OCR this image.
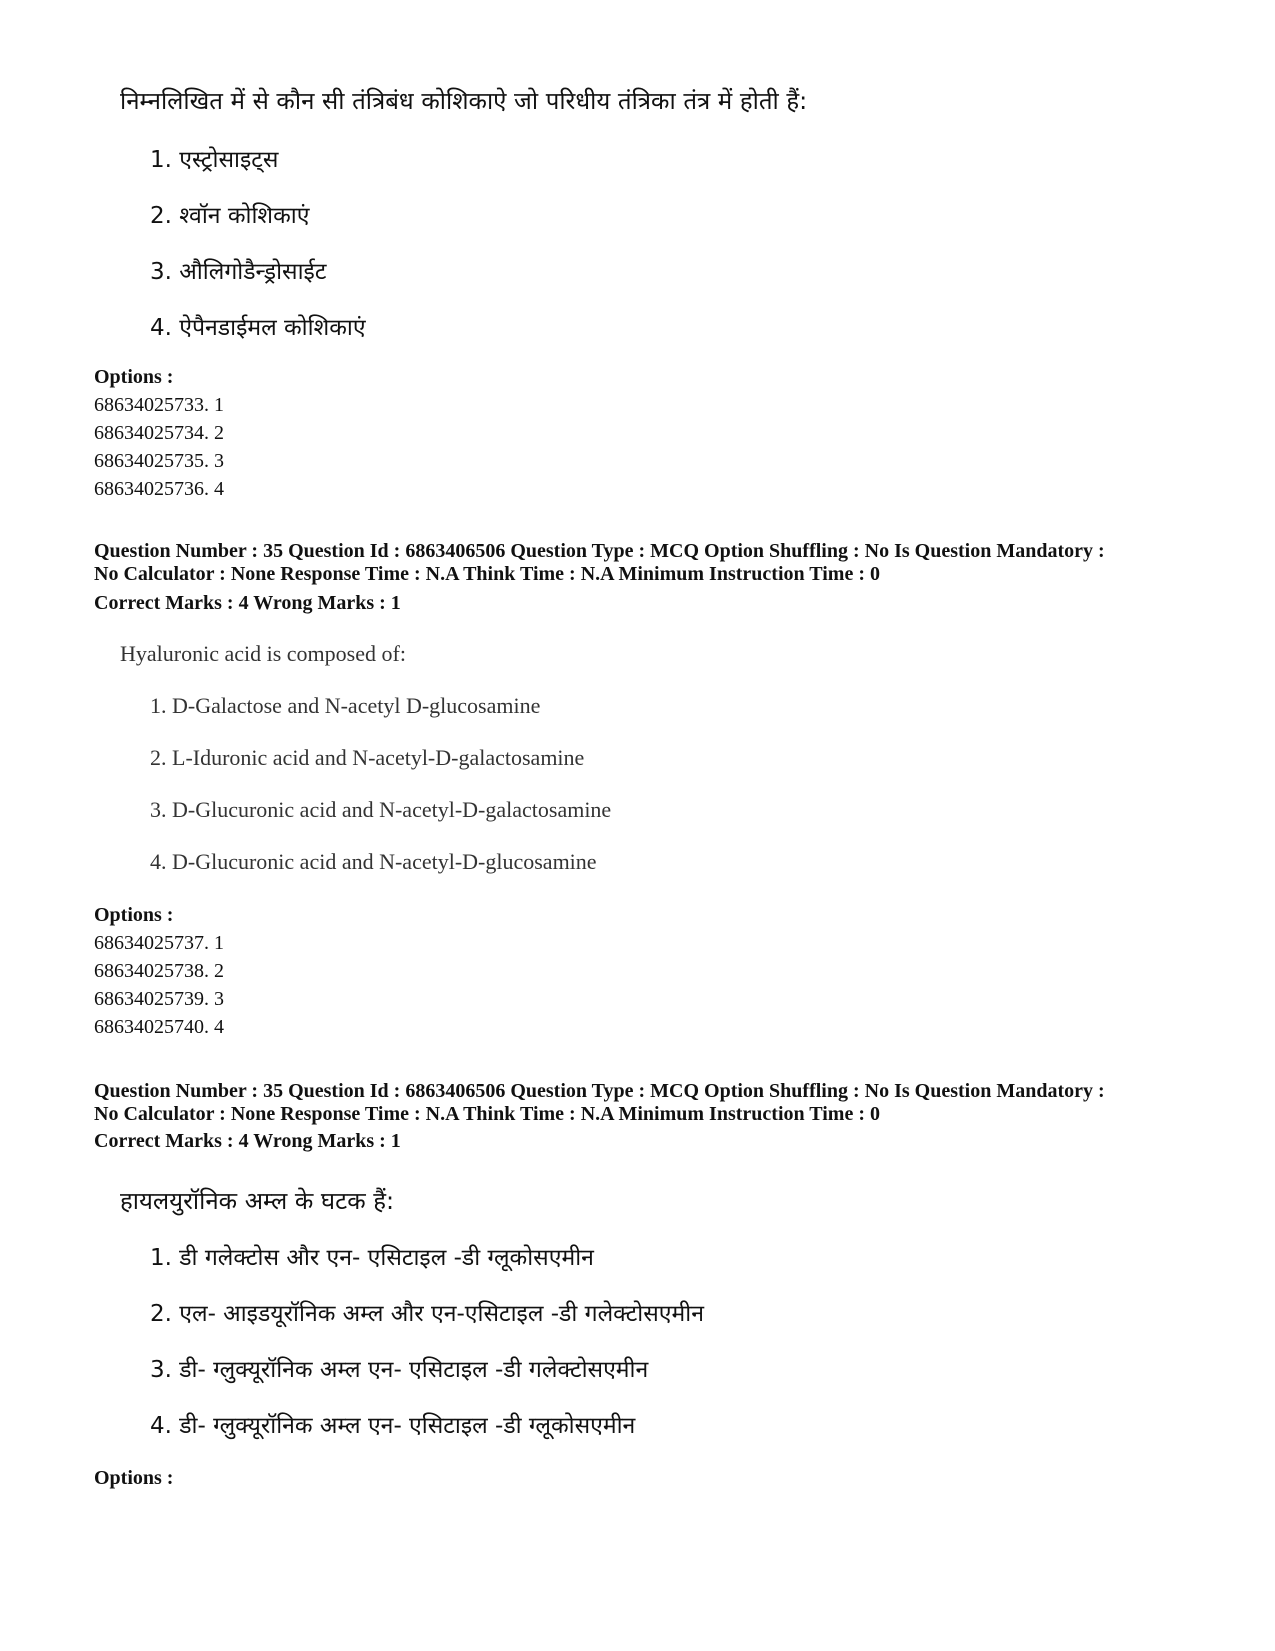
निम्नलिखित में से कौन सी तंत्रिबंध कोशिकाऐ जो परिधीय तंत्रिका तंत्र में होती हैं:
1. एस्ट्रोसाइट्स
2. श्वॉन कोशिकाएं
3. औलिगोडैन्ड्रोसाईट
4. ऐपैनडाईमल कोशिकाएं
Options :
68634025733. 1
68634025734. 2
68634025735. 3
68634025736. 4
Question Number : 35 Question Id : 6863406506 Question Type : MCQ Option Shuffling : No Is Question Mandatory :
No Calculator : None Response Time : N.A Think Time : N.A Minimum Instruction Time : 0
Correct Marks : 4 Wrong Marks : 1
Hyaluronic acid is composed of:
1. D-Galactose and N-acetyl D-glucosamine
2. L-Iduronic acid and N-acetyl-D-galactosamine
3. D-Glucuronic acid and N-acetyl-D-galactosamine
4. D-Glucuronic acid and N-acetyl-D-glucosamine
Options :
68634025737. 1
68634025738. 2
68634025739. 3
68634025740. 4
Question Number : 35 Question Id : 6863406506 Question Type : MCQ Option Shuffling : No Is Question Mandatory :
No Calculator : None Response Time : N.A Think Time : N.A Minimum Instruction Time : 0
Correct Marks : 4 Wrong Marks : 1
हायलयुरॉनिक अम्ल के घटक हैं:
1. डी गलेक्टोस और एन- एसिटाइल -डी ग्लूकोसएमीन
2. एल- आइडयूरॉनिक अम्ल और एन-एसिटाइल -डी गलेक्टोसएमीन
3. डी- ग्लुक्यूरॉनिक अम्ल एन- एसिटाइल -डी गलेक्टोसएमीन
4. डी- ग्लुक्यूरॉनिक अम्ल एन- एसिटाइल -डी ग्लूकोसएमीन
Options :
